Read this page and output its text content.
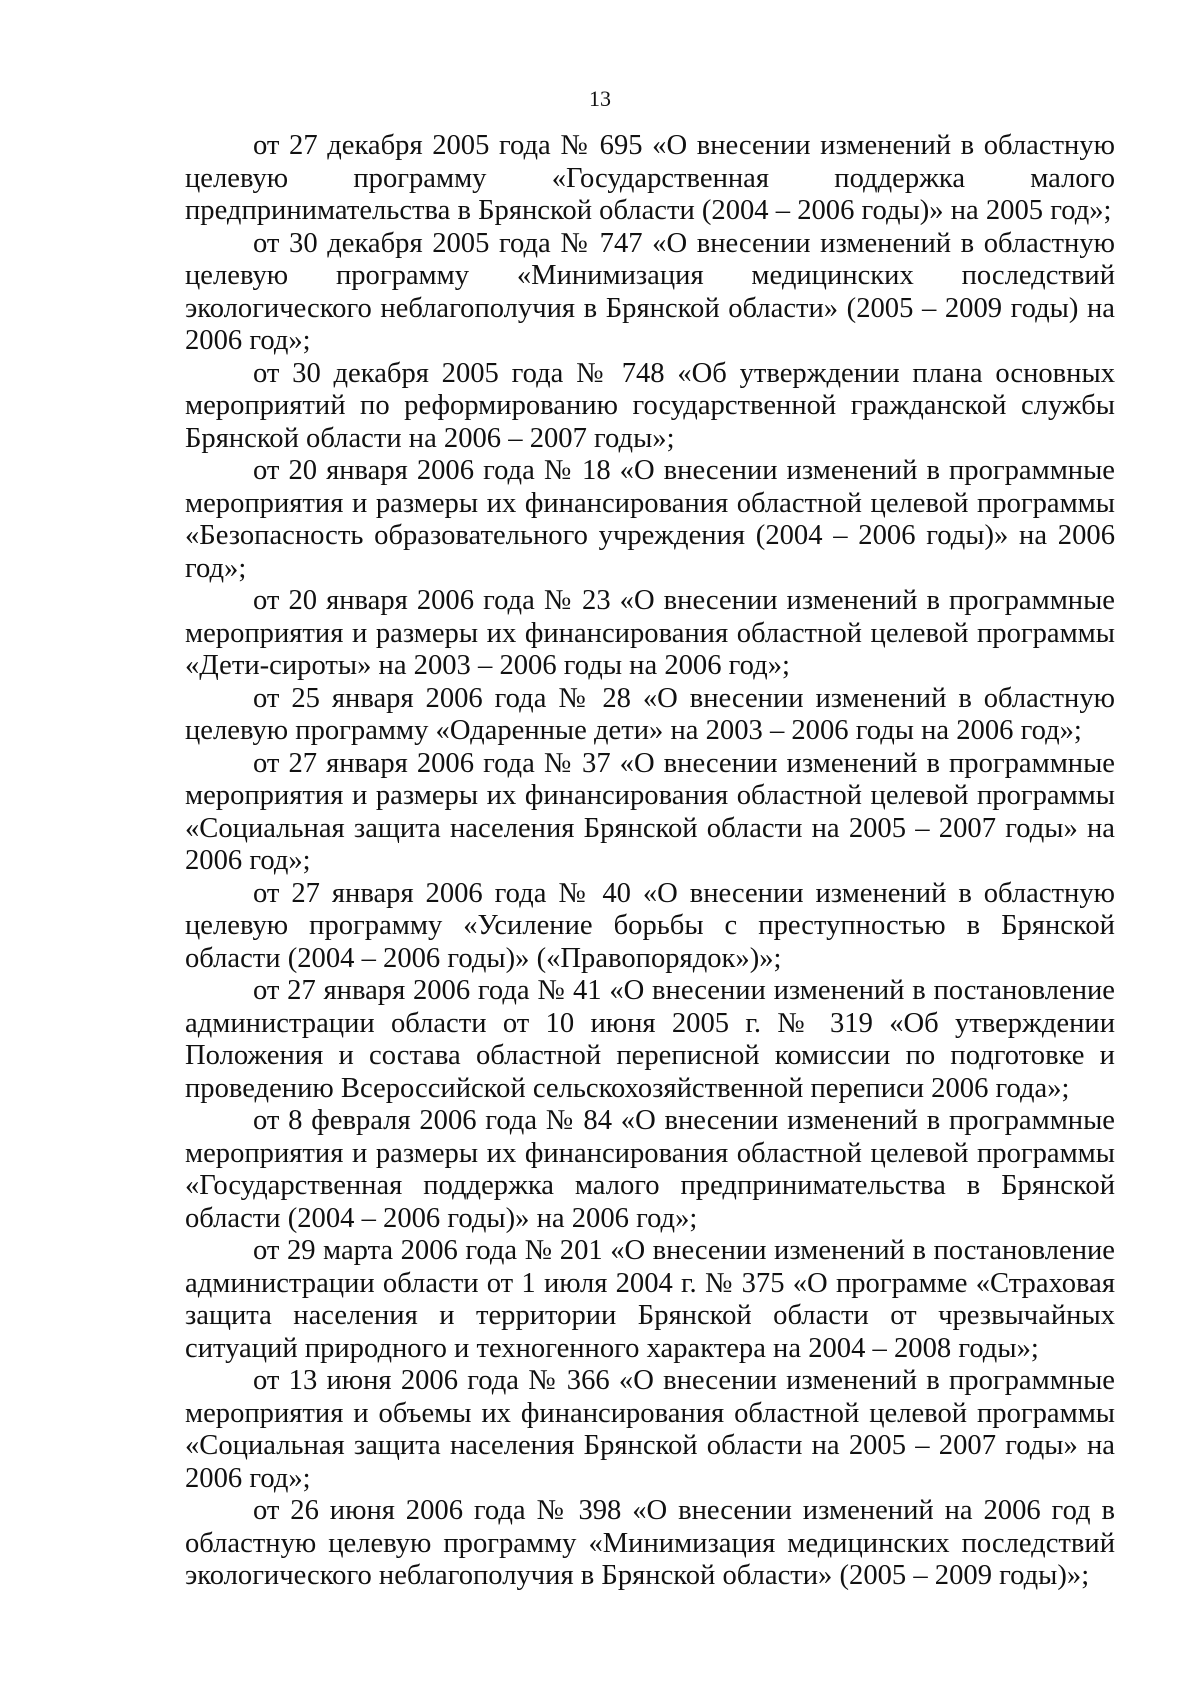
13

от 27 декабря 2005 года № 695 «О внесении изменений в областную целевую программу «Государственная поддержка малого предпринимательства в Брянской области (2004 – 2006 годы)» на 2005 год»;

от 30 декабря 2005 года № 747 «О внесении изменений в областную целевую программу «Минимизация медицинских последствий экологического неблагополучия в Брянской области» (2005 – 2009 годы) на 2006 год»;

от 30 декабря 2005 года № 748 «Об утверждении плана основных мероприятий по реформированию государственной гражданской службы Брянской области на 2006 – 2007 годы»;

от 20 января 2006 года № 18 «О внесении изменений в программные мероприятия и размеры их финансирования областной целевой программы «Безопасность образовательного учреждения (2004 – 2006 годы)» на 2006 год»;

от 20 января 2006 года № 23 «О внесении изменений в программные мероприятия и размеры их финансирования областной целевой программы «Дети-сироты» на 2003 – 2006 годы на 2006 год»;

от 25 января 2006 года № 28 «О внесении изменений в областную целевую программу «Одаренные дети» на 2003 – 2006 годы на 2006 год»;

от 27 января 2006 года № 37 «О внесении изменений в программные мероприятия и размеры их финансирования областной целевой программы «Социальная защита населения Брянской области на 2005 – 2007 годы» на 2006 год»;

от 27 января 2006 года № 40 «О внесении изменений в областную целевую программу «Усиление борьбы с преступностью в Брянской области (2004 – 2006 годы)» («Правопорядок»)»;

от 27 января 2006 года № 41 «О внесении изменений в постановление администрации области от 10 июня 2005 г. № 319 «Об утверждении Положения и состава областной переписной комиссии по подготовке и проведению Всероссийской сельскохозяйственной переписи 2006 года»;

от 8 февраля 2006 года № 84 «О внесении изменений в программные мероприятия и размеры их финансирования областной целевой программы «Государственная поддержка малого предпринимательства в Брянской области (2004 – 2006 годы)» на 2006 год»;

от 29 марта 2006 года № 201 «О внесении изменений в постановление администрации области от 1 июля 2004 г. № 375 «О программе «Страховая защита населения и территории Брянской области от чрезвычайных ситуаций природного и техногенного характера на 2004 – 2008 годы»;

от 13 июня 2006 года № 366 «О внесении изменений в программные мероприятия и объемы их финансирования областной целевой программы «Социальная защита населения Брянской области на 2005 – 2007 годы» на 2006 год»;

от 26 июня 2006 года № 398 «О внесении изменений на 2006 год в областную целевую программу «Минимизация медицинских последствий экологического неблагополучия в Брянской области» (2005 – 2009 годы)»;
